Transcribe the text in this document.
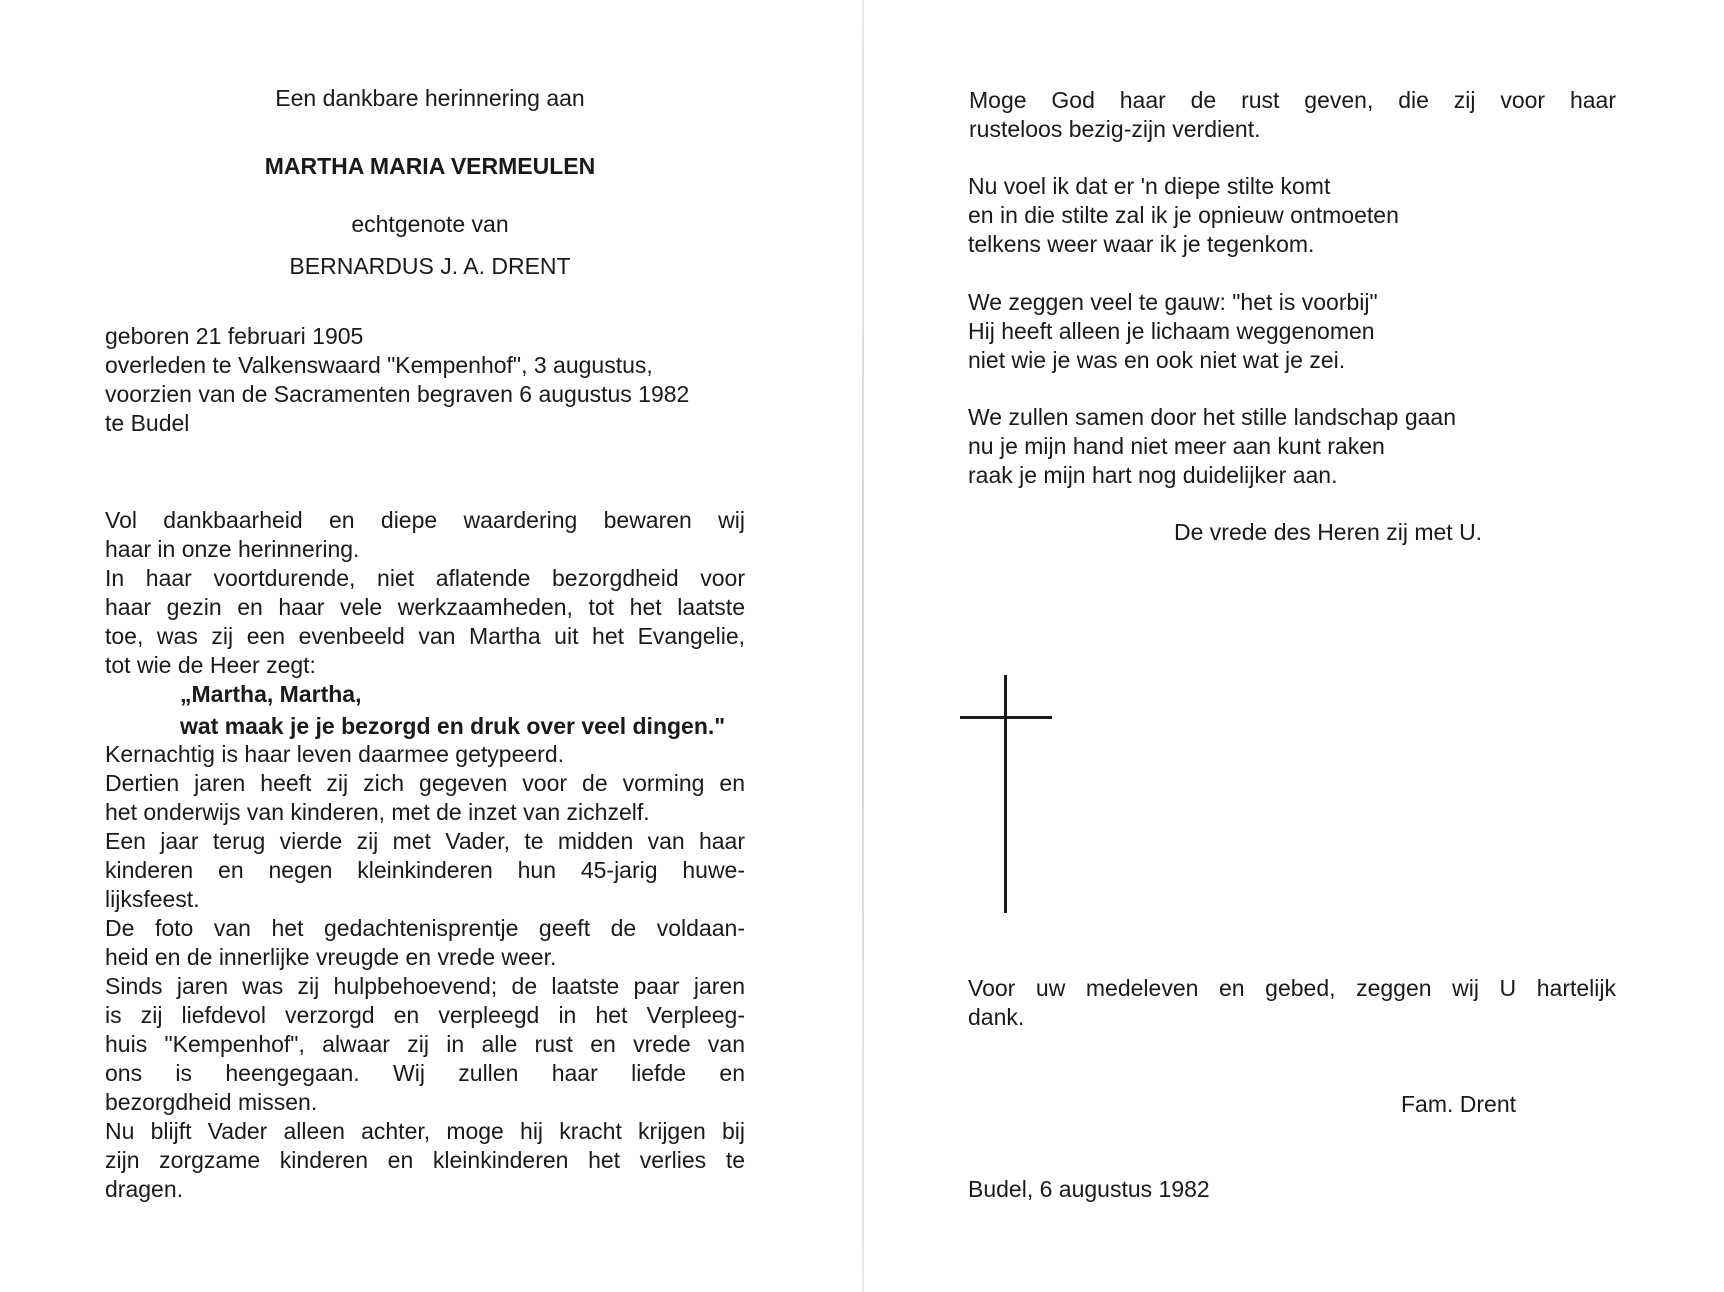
Een dankbare herinnering aan

MARTHA MARIA VERMEULEN

echtgenote van

BERNARDUS J. A. DRENT

geboren 21 februari 1905

overleden te Valkenswaard "Kempenhof", 3 augustus,

voorzien van de Sacramenten begraven 6 augustus 1982

te Budel

Vol dankbaarheid en diepe waardering bewaren wij

haar in onze herinnering.

In haar voortdurende, niet aflatende bezorgdheid voor

haar gezin en haar vele werkzaamheden, tot het laatste

toe, was zij een evenbeeld van Martha uit het Evangelie,

tot wie de Heer zegt:

„Martha, Martha,

wat maak je je bezorgd en druk over veel dingen."

Kernachtig is haar leven daarmee getypeerd.

Dertien jaren heeft zij zich gegeven voor de vorming en

het onderwijs van kinderen, met de inzet van zichzelf.

Een jaar terug vierde zij met Vader, te midden van haar

kinderen en negen kleinkinderen hun 45-jarig huwe-

lijksfeest.

De foto van het gedachtenisprentje geeft de voldaan-

heid en de innerlijke vreugde en vrede weer.

Sinds jaren was zij hulpbehoevend; de laatste paar jaren

is zij liefdevol verzorgd en verpleegd in het Verpleeg-

huis "Kempenhof", alwaar zij in alle rust en vrede van

ons is heengegaan. Wij zullen haar liefde en

bezorgdheid missen.

Nu blijft Vader alleen achter, moge hij kracht krijgen bij

zijn zorgzame kinderen en kleinkinderen het verlies te

dragen.

Moge God haar de rust geven, die zij voor haar

rusteloos bezig-zijn verdient.

Nu voel ik dat er 'n diepe stilte komt

en in die stilte zal ik je opnieuw ontmoeten

telkens weer waar ik je tegenkom.

We zeggen veel te gauw: "het is voorbij"

Hij heeft alleen je lichaam weggenomen

niet wie je was en ook niet wat je zei.

We zullen samen door het stille landschap gaan

nu je mijn hand niet meer aan kunt raken

raak je mijn hart nog duidelijker aan.

De vrede des Heren zij met U.

Voor uw medeleven en gebed, zeggen wij U hartelijk

dank.

Fam. Drent

Budel, 6 augustus 1982
